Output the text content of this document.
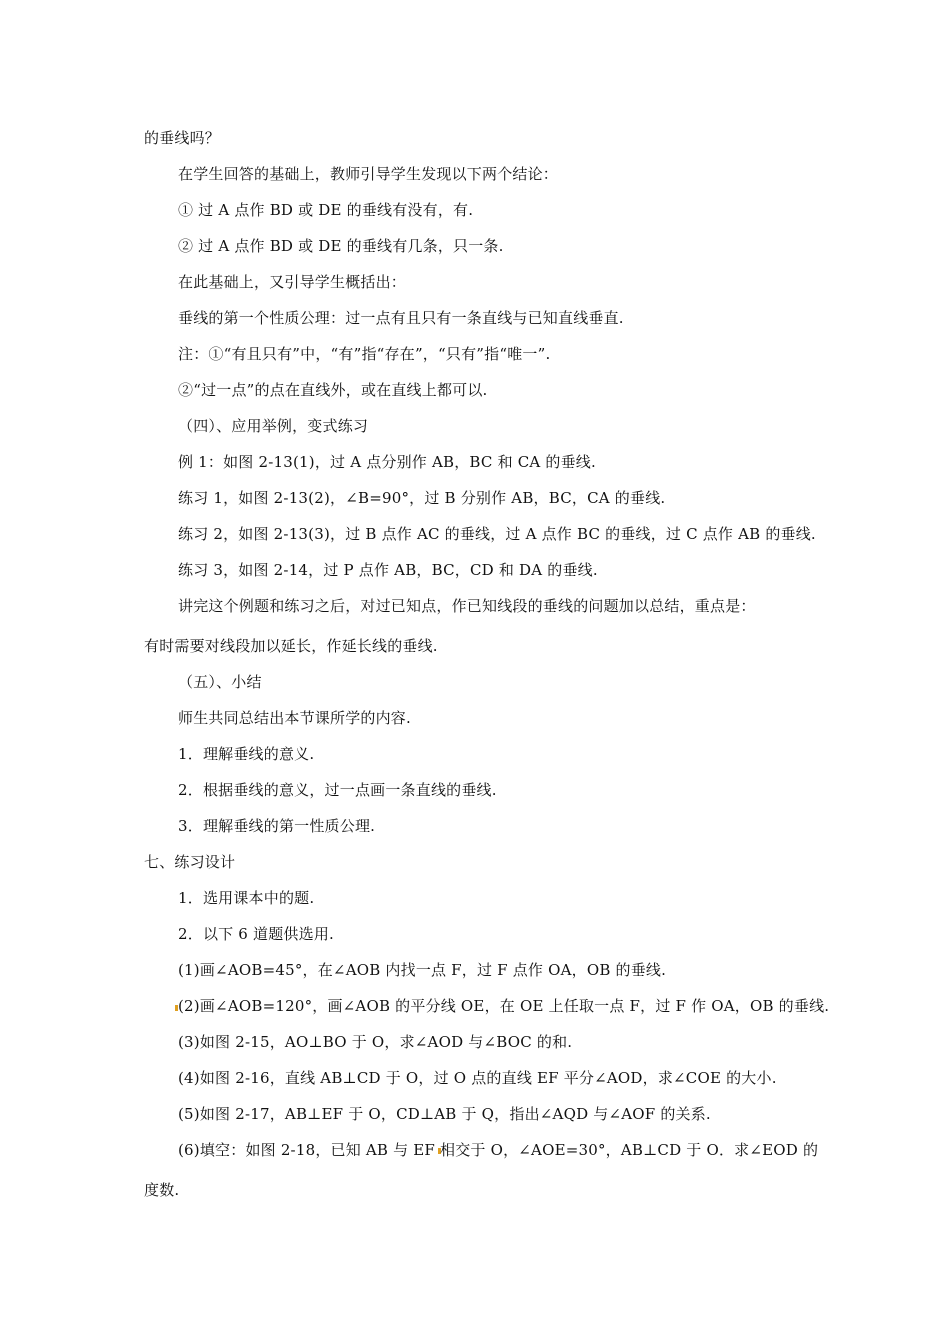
的垂线吗？
在学生回答的基础上，教师引导学生发现以下两个结论：
① 过 A 点作 BD 或 DE 的垂线有没有，有.
② 过 A 点作 BD 或 DE 的垂线有几条，只一条.
在此基础上，又引导学生概括出：
垂线的第一个性质公理：过一点有且只有一条直线与已知直线垂直.
注：①“有且只有”中，“有”指“存在”，“只有”指“唯一”.
②“过一点”的点在直线外，或在直线上都可以.
（四）、应用举例，变式练习
例 1：如图 2-13(1)，过 A 点分别作 AB，BC 和 CA 的垂线.
练习 1，如图 2-13(2)，∠B=90°，过 B 分别作 AB，BC，CA 的垂线.
练习 2，如图 2-13(3)，过 B 点作 AC 的垂线，过 A 点作 BC 的垂线，过 C 点作 AB 的垂线.
练习 3，如图 2-14，过 P 点作 AB，BC，CD 和 DA 的垂线.
讲完这个例题和练习之后，对过已知点，作已知线段的垂线的问题加以总结，重点是：
有时需要对线段加以延长，作延长线的垂线.
（五）、小结
师生共同总结出本节课所学的内容.
1．理解垂线的意义.
2．根据垂线的意义，过一点画一条直线的垂线.
3．理解垂线的第一性质公理.
七、练习设计
1．选用课本中的题.
2．以下 6 道题供选用.
(1)画∠AOB=45°，在∠AOB 内找一点 F，过 F 点作 OA，OB 的垂线.
(2)画∠AOB=120°，画∠AOB 的平分线 OE，在 OE 上任取一点 F，过 F 作 OA，OB 的垂线.
(3)如图 2-15，AO⊥BO 于 O，求∠AOD 与∠BOC 的和.
(4)如图 2-16，直线 AB⊥CD 于 O，过 O 点的直线 EF 平分∠AOD，求∠COE 的大小.
(5)如图 2-17，AB⊥EF 于 O，CD⊥AB 于 Q，指出∠AQD 与∠AOF 的关系.
(6)填空：如图 2-18，已知 AB 与 EF 相交于 O，∠AOE=30°，AB⊥CD 于 O．求∠EOD 的
度数.
